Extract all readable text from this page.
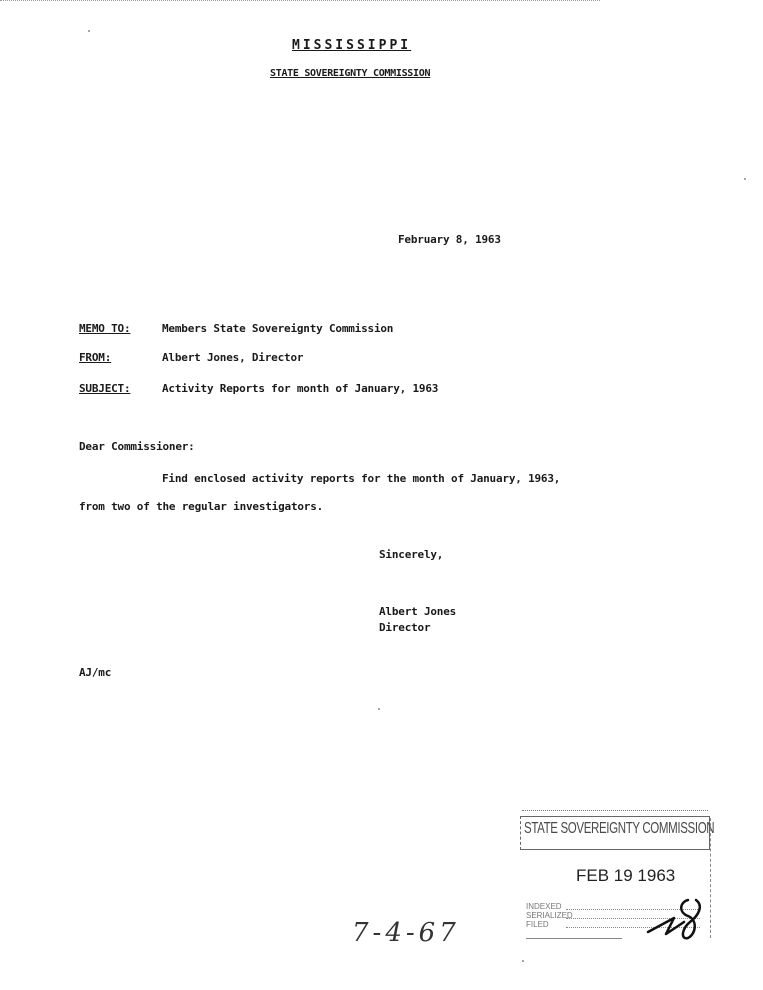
MISSISSIPPI
STATE SOVEREIGNTY COMMISSION
February 8, 1963
MEMO TO:	Members State Sovereignty Commission
FROM:	Albert Jones, Director
SUBJECT:	Activity Reports for month of January, 1963
Dear Commissioner:
Find enclosed activity reports for the month of January, 1963,
from two of the regular investigators.
Sincerely,
Albert Jones
Director
AJ/mc
STATE SOVEREIGNTY COMMISSION
FEB 19 1963
INDEXED
SERIALIZED
FILED
7-4-67
